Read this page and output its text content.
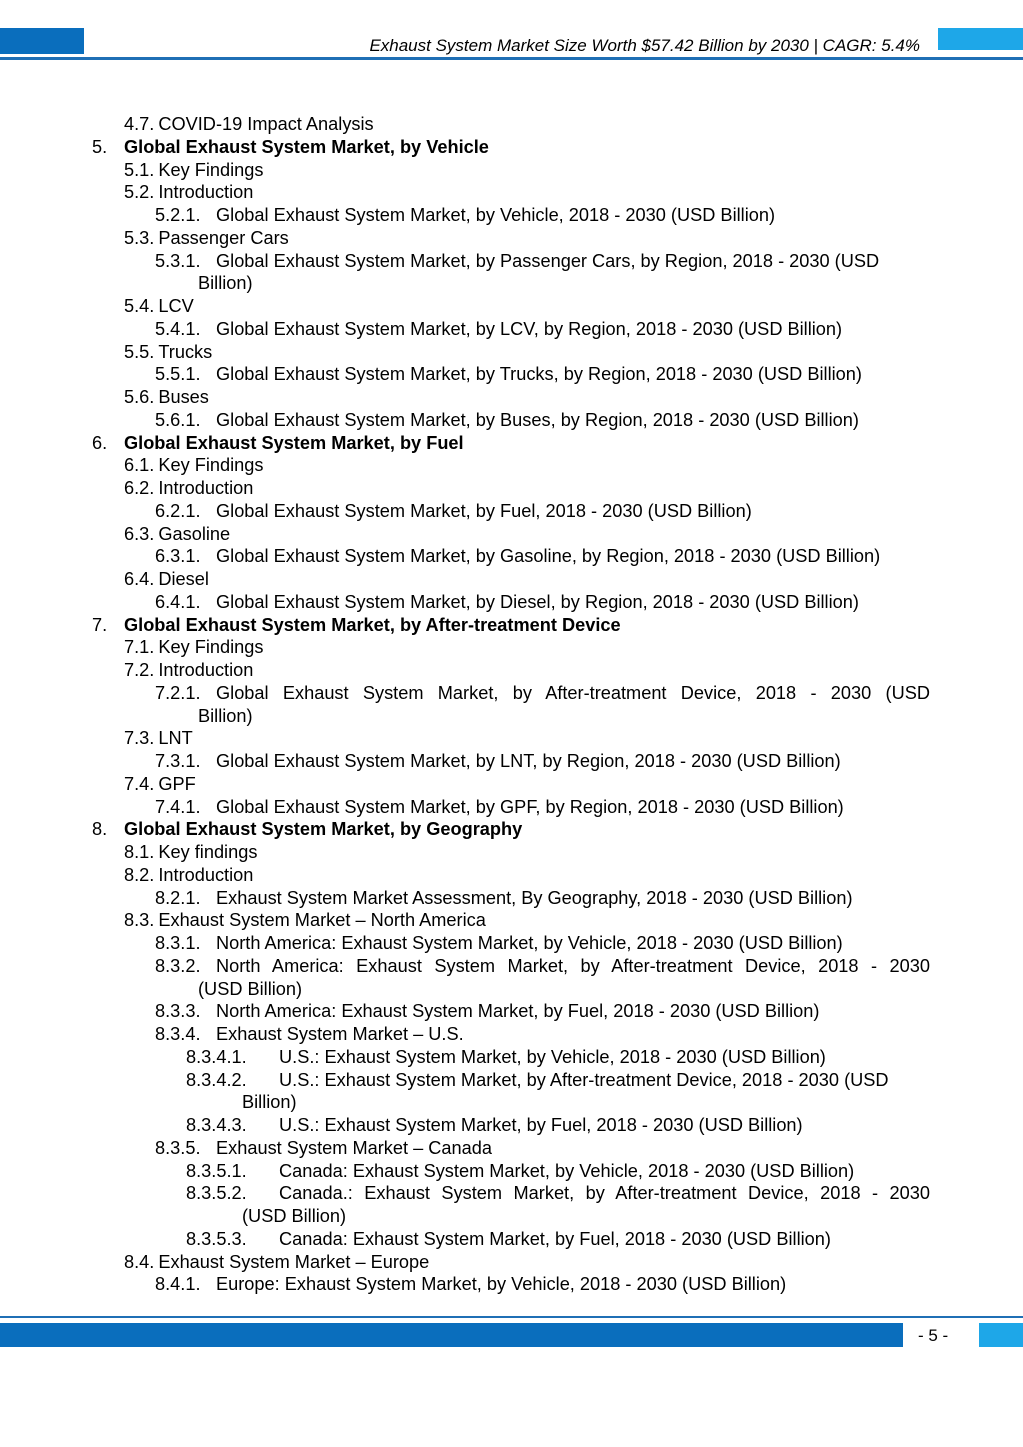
Exhaust System Market Size Worth $57.42 Billion by 2030 | CAGR: 5.4%
4.7. COVID-19 Impact Analysis
5. Global Exhaust System Market, by Vehicle
5.1. Key Findings
5.2. Introduction
5.2.1. Global Exhaust System Market, by Vehicle, 2018 - 2030 (USD Billion)
5.3. Passenger Cars
5.3.1. Global Exhaust System Market, by Passenger Cars, by Region, 2018 - 2030 (USD
Billion)
5.4. LCV
5.4.1. Global Exhaust System Market, by LCV, by Region, 2018 - 2030 (USD Billion)
5.5. Trucks
5.5.1. Global Exhaust System Market, by Trucks, by Region, 2018 - 2030 (USD Billion)
5.6. Buses
5.6.1. Global Exhaust System Market, by Buses, by Region, 2018 - 2030 (USD Billion)
6. Global Exhaust System Market, by Fuel
6.1. Key Findings
6.2. Introduction
6.2.1. Global Exhaust System Market, by Fuel, 2018 - 2030 (USD Billion)
6.3. Gasoline
6.3.1. Global Exhaust System Market, by Gasoline, by Region, 2018 - 2030 (USD Billion)
6.4. Diesel
6.4.1. Global Exhaust System Market, by Diesel, by Region, 2018 - 2030 (USD Billion)
7. Global Exhaust System Market, by After-treatment Device
7.1. Key Findings
7.2. Introduction
7.2.1. Global Exhaust System Market, by After-treatment Device, 2018 - 2030 (USD
Billion)
7.3. LNT
7.3.1. Global Exhaust System Market, by LNT, by Region, 2018 - 2030 (USD Billion)
7.4. GPF
7.4.1. Global Exhaust System Market, by GPF, by Region, 2018 - 2030 (USD Billion)
8. Global Exhaust System Market, by Geography
8.1. Key findings
8.2. Introduction
8.2.1. Exhaust System Market Assessment, By Geography, 2018 - 2030 (USD Billion)
8.3. Exhaust System Market – North America
8.3.1. North America: Exhaust System Market, by Vehicle, 2018 - 2030 (USD Billion)
8.3.2. North America: Exhaust System Market, by After-treatment Device, 2018 - 2030
(USD Billion)
8.3.3. North America: Exhaust System Market, by Fuel, 2018 - 2030 (USD Billion)
8.3.4. Exhaust System Market – U.S.
8.3.4.1. U.S.: Exhaust System Market, by Vehicle, 2018 - 2030 (USD Billion)
8.3.4.2. U.S.: Exhaust System Market, by After-treatment Device, 2018 - 2030 (USD
Billion)
8.3.4.3. U.S.: Exhaust System Market, by Fuel, 2018 - 2030 (USD Billion)
8.3.5. Exhaust System Market – Canada
8.3.5.1. Canada: Exhaust System Market, by Vehicle, 2018 - 2030 (USD Billion)
8.3.5.2. Canada.: Exhaust System Market, by After-treatment Device, 2018 - 2030
(USD Billion)
8.3.5.3. Canada: Exhaust System Market, by Fuel, 2018 - 2030 (USD Billion)
8.4. Exhaust System Market – Europe
8.4.1. Europe: Exhaust System Market, by Vehicle, 2018 - 2030 (USD Billion)
- 5 -
